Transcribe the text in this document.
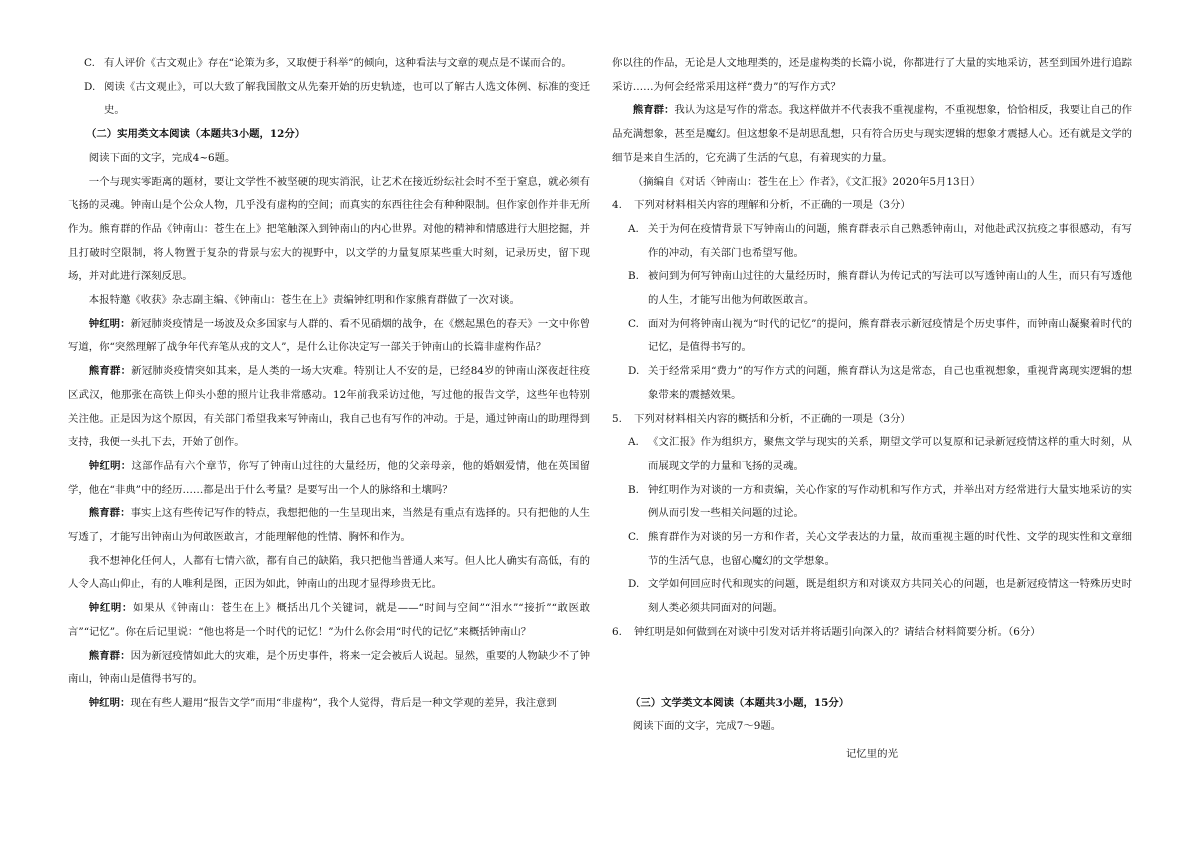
C. 有人评价《古文观止》存在“论策为多，又取便于科举”的倾向，这种看法与文章的观点是不谋而合的。
D. 阅读《古文观止》，可以大致了解我国散文从先秦开始的历史轨迹，也可以了解古人选文体例、标准的变迁史。
（二）实用类文本阅读（本题共3小题，12分）
阅读下面的文字，完成4~6题。
一个与现实零距离的题材，要让文学性不被坚硬的现实消泯，让艺术在接近纷纭社会时不至于窒息，就必须有飞扬的灵魂。钟南山是个公众人物，几乎没有虚构的空间；而真实的东西往往会有种种限制。但作家创作并非无所作为。熊育群的作品《钟南山：苍生在上》把笔触深入到钟南山的内心世界。对他的精神和情感进行大胆挖掘，并且打破时空限制，将人物置于复杂的背景与宏大的视野中，以文学的力量复原某些重大时刻，记录历史，留下现场，并对此进行深刻反思。
本报特邀《收获》杂志副主编、《钟南山：苍生在上》责编钟红明和作家熊育群做了一次对谈。
钟红明：新冠肺炎疫情是一场波及众多国家与人群的、看不见硝烟的战争，在《燃起黑色的春天》一文中你曾写道，你“突然理解了战争年代弃笔从戎的文人”，是什么让你决定写一部关于钟南山的长篇非虚构作品？
熊育群：新冠肺炎疫情突如其来，是人类的一场大灾难。特别让人不安的是，已经84岁的钟南山深夜赶往疫区武汉，他那张在高铁上仰头小憩的照片让我非常感动。12年前我采访过他，写过他的报告文学，这些年也特别关注他。正是因为这个原因，有关部门希望我来写钟南山，我自己也有写作的冲动。于是，通过钟南山的助理得到支持，我便一头扎下去，开始了创作。
钟红明：这部作品有六个章节，你写了钟南山过往的大量经历，他的父亲母亲，他的婚姻爱情，他在英国留学，他在“非典”中的经历……都是出于什么考量？是要写出一个人的脉络和土壤吗？
熊育群：事实上这有些传记写作的特点，我想把他的一生呈现出来，当然是有重点有选择的。只有把他的人生写透了，才能写出钟南山为何敢医敢言，才能理解他的性情、胸怀和作为。
我不想神化任何人，人都有七情六欲，都有自己的缺陷，我只把他当普通人来写。但人比人确实有高低，有的人令人高山仰止，有的人唯利是图，正因为如此，钟南山的出现才显得珍贵无比。
钟红明：如果从《钟南山：苍生在上》概括出几个关键词，就是——“时间与空间”“泪水”“接折”“敢医敢言”“记忆”。你在后记里说：“他也将是一个时代的记忆！”为什么你会用“时代的记忆”来概括钟南山？
熊育群：因为新冠疫情如此大的灾难，是个历史事件，将来一定会被后人说起。显然，重要的人物缺少不了钟南山，钟南山是值得书写的。
钟红明：现在有些人避用“报告文学”而用“非虚构”，我个人觉得，背后是一种文学观的差异，我注意到
你以往的作品，无论是人文地理类的，还是虚构类的长篇小说，你都进行了大量的实地采访，甚至到国外进行追踪采访……为何会经常采用这样“费力”的写作方式？
熊育群：我认为这是写作的常态。我这样做并不代表我不重视虚构，不重视想象，恰恰相反，我要让自己的作品充满想象，甚至是魔幻。但这想象不是胡思乱想，只有符合历史与现实逻辑的想象才震撼人心。还有就是文学的细节是来自生活的，它充满了生活的气息，有着现实的力量。
（摘编自《对话〈钟南山：苍生在上〉作者》，《文汇报》2020年5月13日）
4.	下列对材料相关内容的理解和分析，不正确的一项是（3分）
A. 关于为何在疫情背景下写钟南山的问题，熊育群表示自己熟悉钟南山，对他赴武汉抗疫之事很感动，有写作的冲动，有关部门也希望写他。
B. 被问到为何写钟南山过往的大量经历时，熊育群认为传记式的写法可以写透钟南山的人生，而只有写透他的人生，才能写出他为何敢医敢言。
C. 面对为何将钟南山视为“时代的记忆”的提问，熊育群表示新冠疫情是个历史事件，而钟南山凝聚着时代的记忆，是值得书写的。
D. 关于经常采用“费力”的写作方式的问题，熊育群认为这是常态，自己也重视想象，重视背离现实逻辑的想象带来的震撼效果。
5.	下列对材料相关内容的概括和分析，不正确的一项是（3分）
A. 《文汇报》作为组织方，聚焦文学与现实的关系，期望文学可以复原和记录新冠疫情这样的重大时刻，从而展现文学的力量和飞扬的灵魂。
B. 钟红明作为对谈的一方和责编，关心作家的写作动机和写作方式，并举出对方经常进行大量实地采访的实例从而引发一些相关问题的过论。
C. 熊育群作为对谈的另一方和作者，关心文学表达的力量，故而重视主题的时代性、文学的现实性和文章细节的生活气息，也留心魔幻的文学想象。
D. 文学如何回应时代和现实的问题，既是组织方和对谈双方共同关心的问题，也是新冠疫情这一特殊历史时刻人类必须共同面对的问题。
6.	钟红明是如何做到在对谈中引发对话并将话题引向深入的？请结合材料简要分析。（6分）
（三）文学类文本阅读（本题共3小题，15分）
阅读下面的文字，完成7～9题。
记忆里的光
